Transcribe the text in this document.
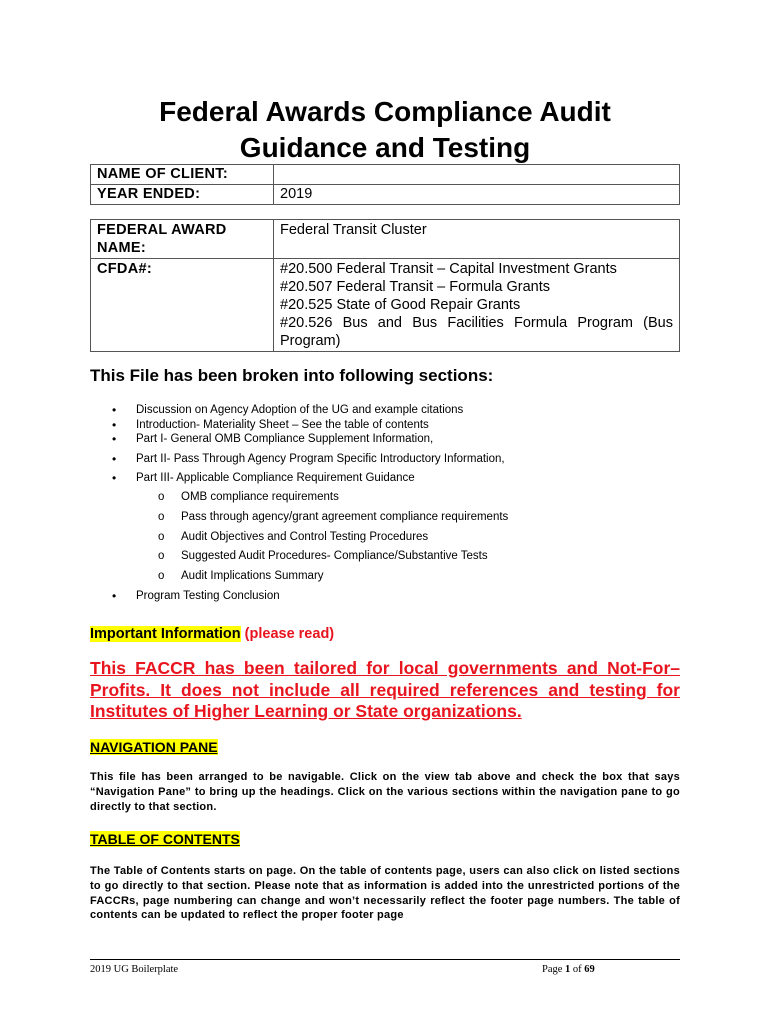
Federal Awards Compliance Audit
Guidance and Testing
NAME OF CLIENT:	
YEAR ENDED:	2019
FEDERAL AWARD
NAME:	Federal Transit Cluster
CFDA#:	#20.500 Federal Transit – Capital Investment Grants
#20.507 Federal Transit – Formula Grants
#20.525 State of Good Repair Grants
#20.526 Bus and Bus Facilities Formula Program (Bus Program)
This File has been broken into following sections:
• Discussion on Agency Adoption of the UG and example citations
• Introduction- Materiality Sheet – See the table of contents
• Part I- General OMB Compliance Supplement Information,
• Part II- Pass Through Agency Program Specific Introductory Information,
• Part III- Applicable Compliance Requirement Guidance
o OMB compliance requirements
o Pass through agency/grant agreement compliance requirements
o Audit Objectives and Control Testing Procedures
o Suggested Audit Procedures- Compliance/Substantive Tests
o Audit Implications Summary
• Program Testing Conclusion
Important Information (please read)
This FACCR has been tailored for local governments and Not-For–Profits. It does not include all required references and testing for Institutes of Higher Learning or State organizations.
NAVIGATION PANE
This file has been arranged to be navigable. Click on the view tab above and check the box that says “Navigation Pane” to bring up the headings. Click on the various sections within the navigation pane to go directly to that section.
TABLE OF CONTENTS
The Table of Contents starts on page. On the table of contents page, users can also click on listed sections to go directly to that section. Please note that as information is added into the unrestricted portions of the FACCRs, page numbering can change and won’t necessarily reflect the footer page numbers. The table of contents can be updated to reflect the proper footer page
2019 UG Boilerplate	Page 1 of 69
